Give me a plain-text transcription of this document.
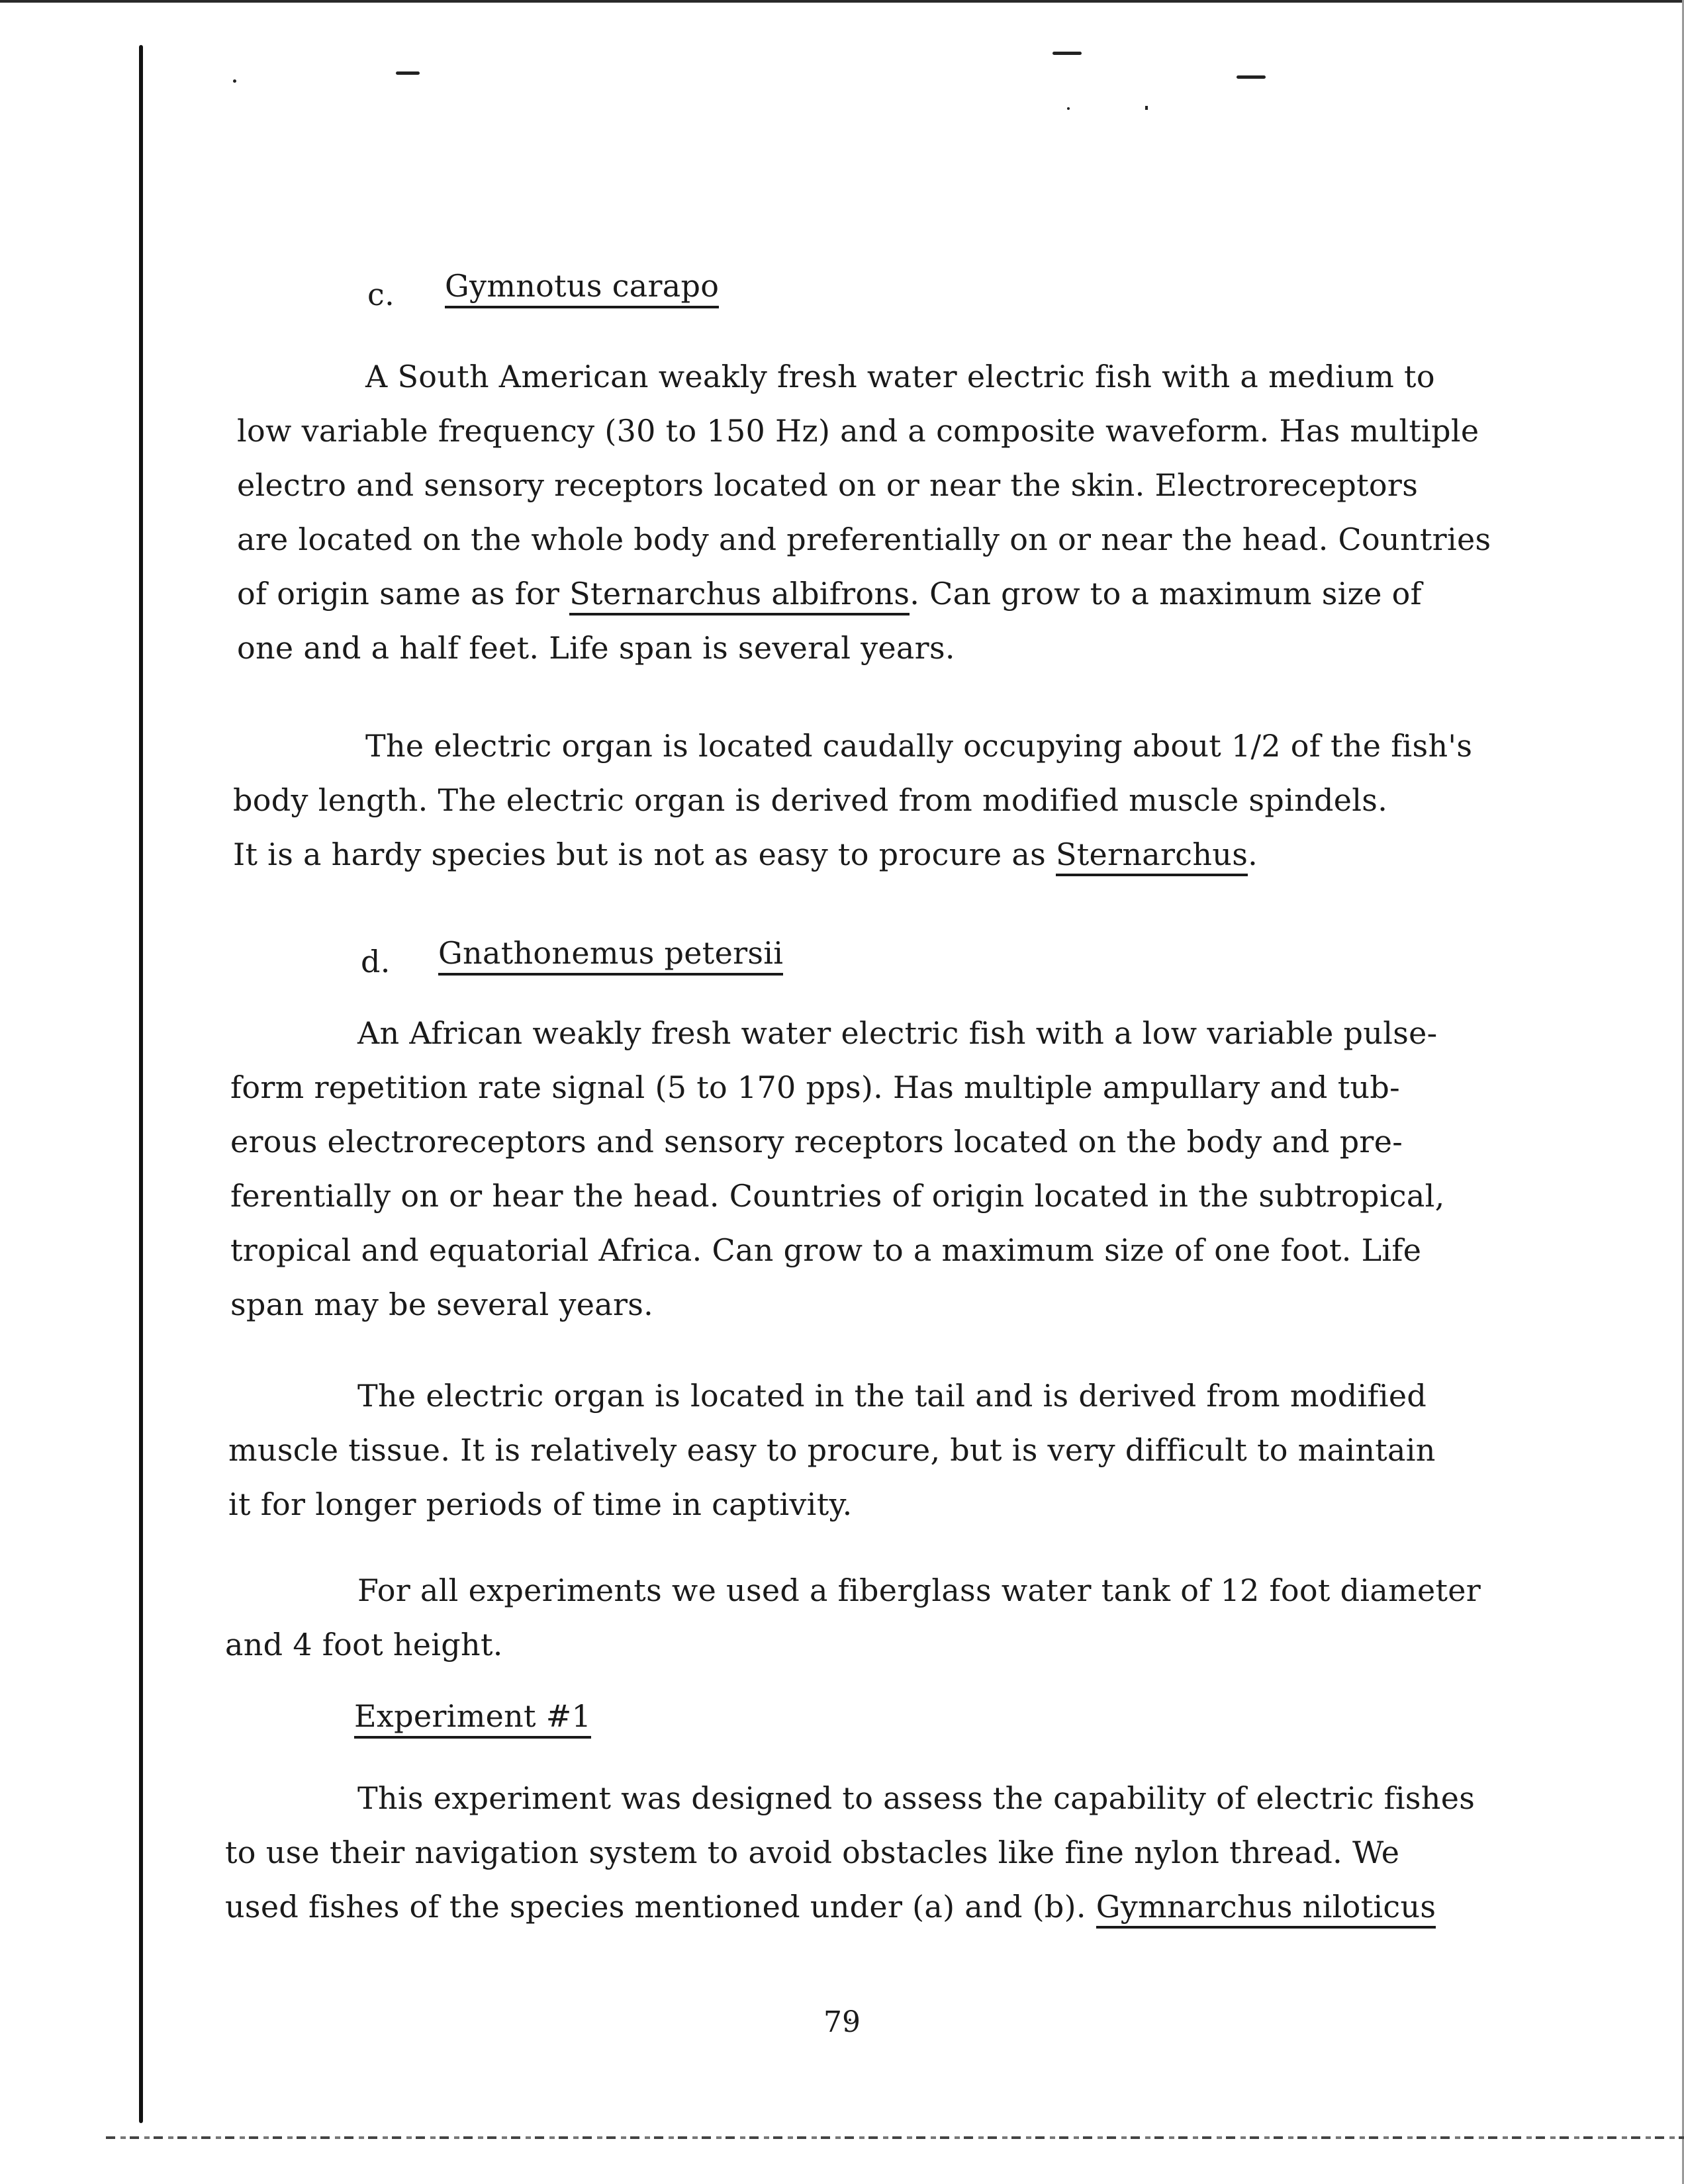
c. Gymnotus carapo
A South American weakly fresh water electric fish with a medium to
low variable frequency (30 to 150 Hz) and a composite waveform. Has multiple
electro and sensory receptors located on or near the skin. Electroreceptors
are located on the whole body and preferentially on or near the head. Countries
of origin same as for Sternarchus albifrons. Can grow to a maximum size of
one and a half feet. Life span is several years.
The electric organ is located caudally occupying about 1/2 of the fish's
body length. The electric organ is derived from modified muscle spindels.
It is a hardy species but is not as easy to procure as Sternarchus.
d. Gnathonemus petersii
An African weakly fresh water electric fish with a low variable pulse-
form repetition rate signal (5 to 170 pps). Has multiple ampullary and tub-
erous electroreceptors and sensory receptors located on the body and pre-
ferentially on or hear the head. Countries of origin located in the subtropical,
tropical and equatorial Africa. Can grow to a maximum size of one foot. Life
span may be several years.
The electric organ is located in the tail and is derived from modified
muscle tissue. It is relatively easy to procure, but is very difficult to maintain
it for longer periods of time in captivity.
For all experiments we used a fiberglass water tank of 12 foot diameter
and 4 foot height.
Experiment #1
This experiment was designed to assess the capability of electric fishes
to use their navigation system to avoid obstacles like fine nylon thread. We
used fishes of the species mentioned under (a) and (b). Gymnarchus niloticus
79
